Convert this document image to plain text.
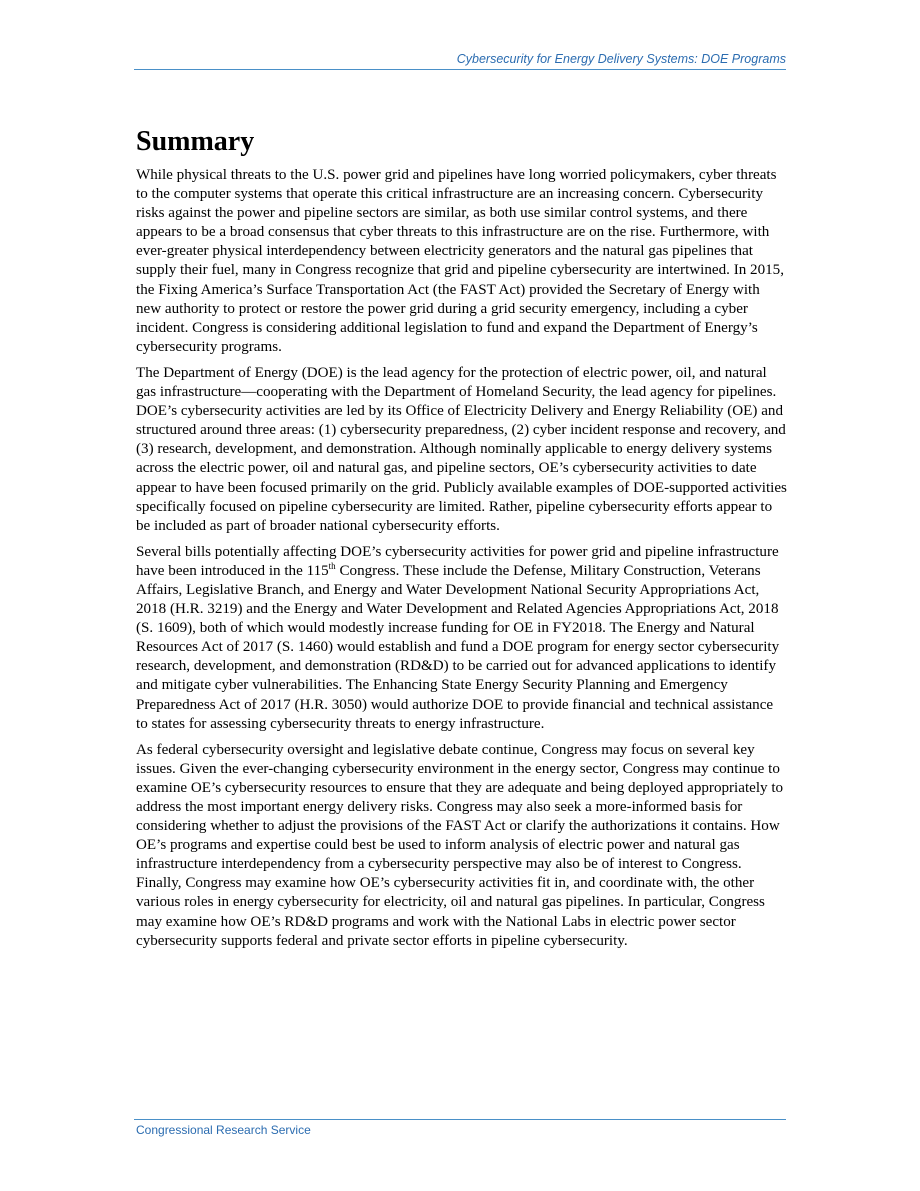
Cybersecurity for Energy Delivery Systems: DOE Programs
Summary

While physical threats to the U.S. power grid and pipelines have long worried policymakers, cyber threats to the computer systems that operate this critical infrastructure are an increasing concern. Cybersecurity risks against the power and pipeline sectors are similar, as both use similar control systems, and there appears to be a broad consensus that cyber threats to this infrastructure are on the rise. Furthermore, with ever-greater physical interdependency between electricity generators and the natural gas pipelines that supply their fuel, many in Congress recognize that grid and pipeline cybersecurity are intertwined. In 2015, the Fixing America’s Surface Transportation Act (the FAST Act) provided the Secretary of Energy with new authority to protect or restore the power grid during a grid security emergency, including a cyber incident. Congress is considering additional legislation to fund and expand the Department of Energy’s cybersecurity programs.

The Department of Energy (DOE) is the lead agency for the protection of electric power, oil, and natural gas infrastructure—cooperating with the Department of Homeland Security, the lead agency for pipelines. DOE’s cybersecurity activities are led by its Office of Electricity Delivery and Energy Reliability (OE) and structured around three areas: (1) cybersecurity preparedness, (2) cyber incident response and recovery, and (3) research, development, and demonstration. Although nominally applicable to energy delivery systems across the electric power, oil and natural gas, and pipeline sectors, OE’s cybersecurity activities to date appear to have been focused primarily on the grid. Publicly available examples of DOE-supported activities specifically focused on pipeline cybersecurity are limited. Rather, pipeline cybersecurity efforts appear to be included as part of broader national cybersecurity efforts.

Several bills potentially affecting DOE’s cybersecurity activities for power grid and pipeline infrastructure have been introduced in the 115th Congress. These include the Defense, Military Construction, Veterans Affairs, Legislative Branch, and Energy and Water Development National Security Appropriations Act, 2018 (H.R. 3219) and the Energy and Water Development and Related Agencies Appropriations Act, 2018 (S. 1609), both of which would modestly increase funding for OE in FY2018. The Energy and Natural Resources Act of 2017 (S. 1460) would establish and fund a DOE program for energy sector cybersecurity research, development, and demonstration (RD&D) to be carried out for advanced applications to identify and mitigate cyber vulnerabilities. The Enhancing State Energy Security Planning and Emergency Preparedness Act of 2017 (H.R. 3050) would authorize DOE to provide financial and technical assistance to states for assessing cybersecurity threats to energy infrastructure.

As federal cybersecurity oversight and legislative debate continue, Congress may focus on several key issues. Given the ever-changing cybersecurity environment in the energy sector, Congress may continue to examine OE’s cybersecurity resources to ensure that they are adequate and being deployed appropriately to address the most important energy delivery risks. Congress may also seek a more-informed basis for considering whether to adjust the provisions of the FAST Act or clarify the authorizations it contains. How OE’s programs and expertise could best be used to inform analysis of electric power and natural gas infrastructure interdependency from a cybersecurity perspective may also be of interest to Congress. Finally, Congress may examine how OE’s cybersecurity activities fit in, and coordinate with, the other various roles in energy cybersecurity for electricity, oil and natural gas pipelines. In particular, Congress may examine how OE’s RD&D programs and work with the National Labs in electric power sector cybersecurity supports federal and private sector efforts in pipeline cybersecurity.

Congressional Research Service
